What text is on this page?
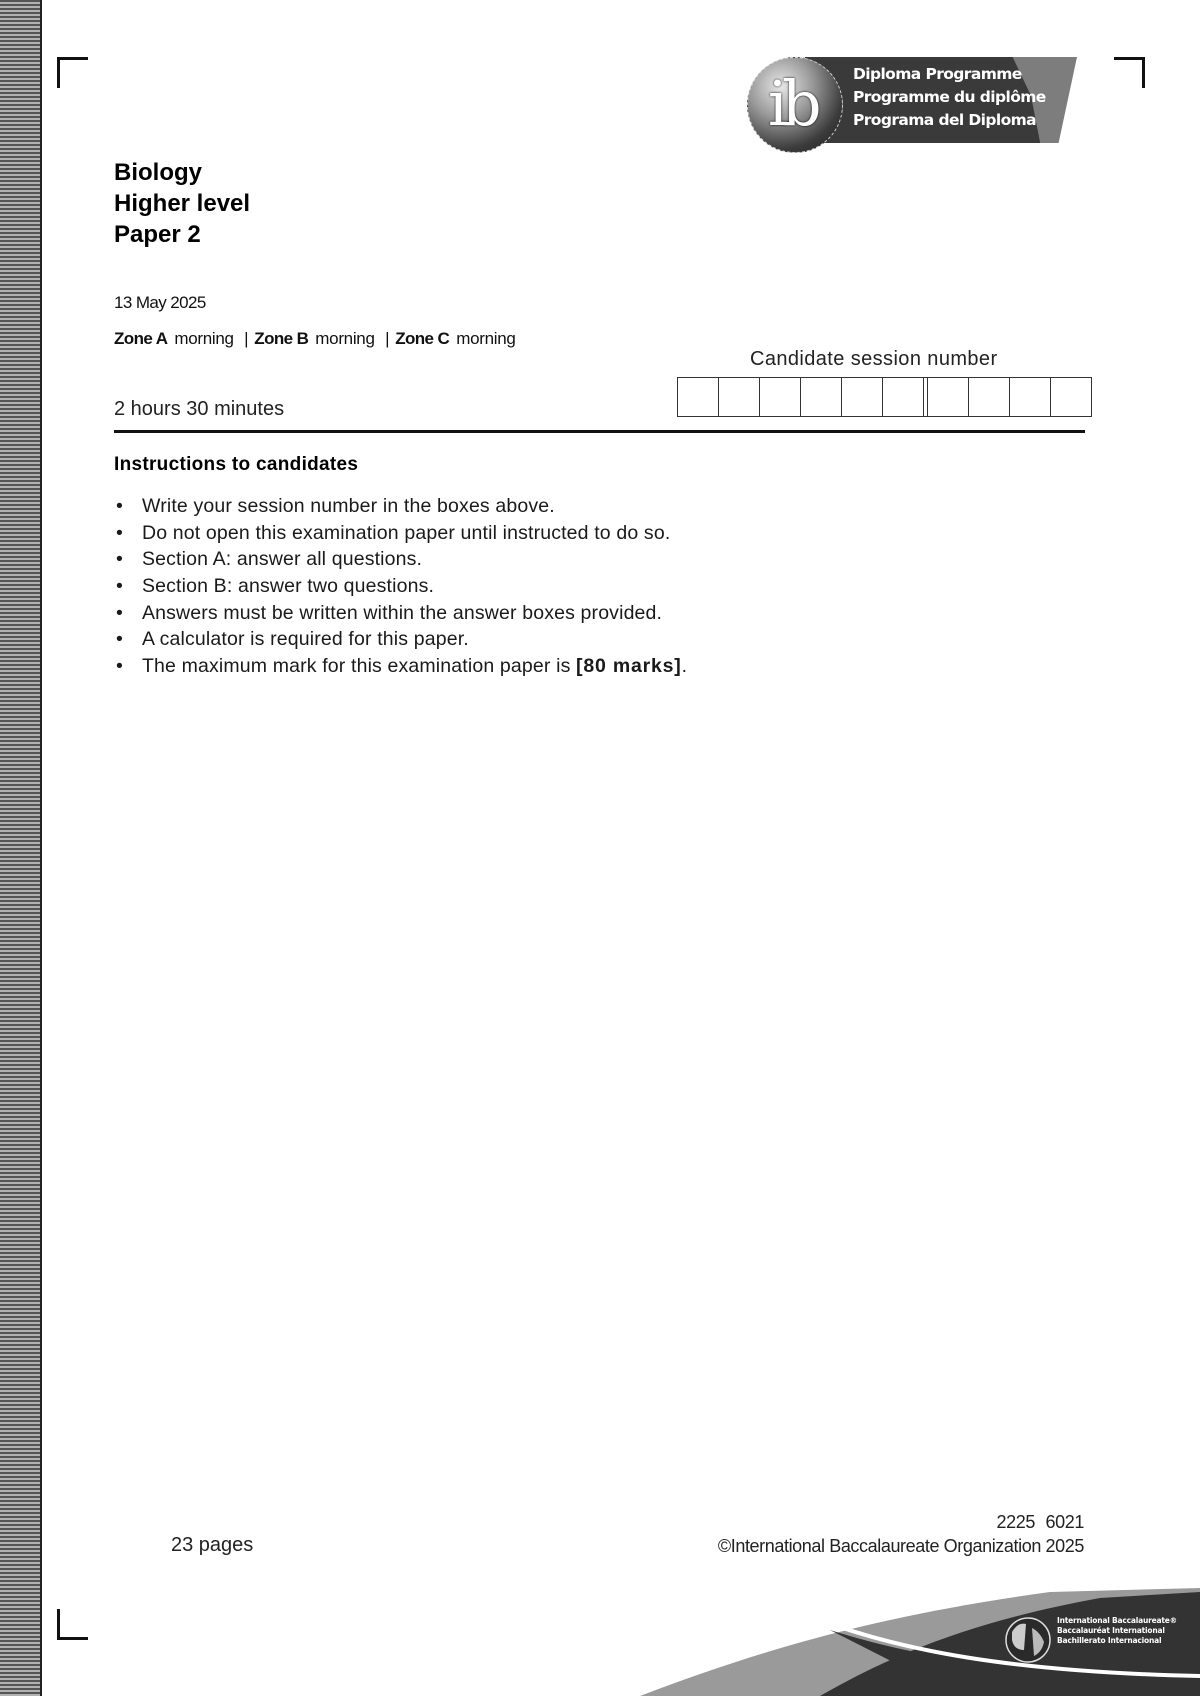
ib Diploma Programme
Programme du diplôme
Programa del Diploma
Biology
Higher level
Paper 2
13 May 2025
Zone A morning | Zone B morning | Zone C morning
Candidate session number
2 hours 30 minutes
Instructions to candidates
• Write your session number in the boxes above.
• Do not open this examination paper until instructed to do so.
• Section A: answer all questions.
• Section B: answer two questions.
• Answers must be written within the answer boxes provided.
• A calculator is required for this paper.
• The maximum mark for this examination paper is [80 marks].
23 pages
2225 6021
©International Baccalaureate Organization 2025
International Baccalaureate®
Baccalauréat International
Bachillerato Internacional
